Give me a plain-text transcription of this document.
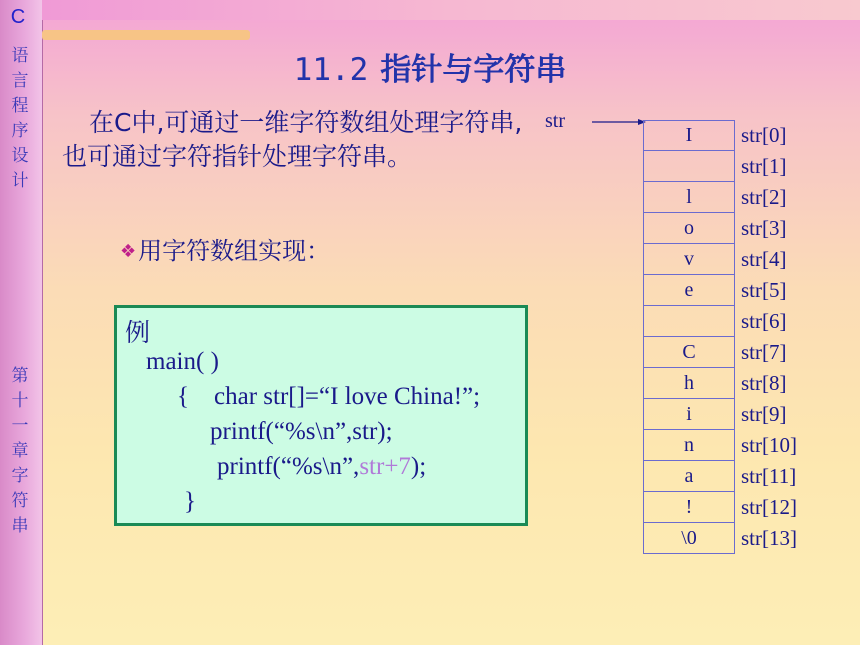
C
语言程序设计
第十一章 字符串
11.2 指针与字符串
在C中,可通过一维字符数组处理字符串,也可通过字符指针处理字符串。
❖用字符数组实现：
例
main( )
{    char str[]=“I love China!”;
printf(“%s\n”,str);
printf(“%s\n”,str+7);
}
str
I
l
o
v
e
C
h
i
n
a
!
\0
str[0]
str[1]
str[2]
str[3]
str[4]
str[5]
str[6]
str[7]
str[8]
str[9]
str[10]
str[11]
str[12]
str[13]
